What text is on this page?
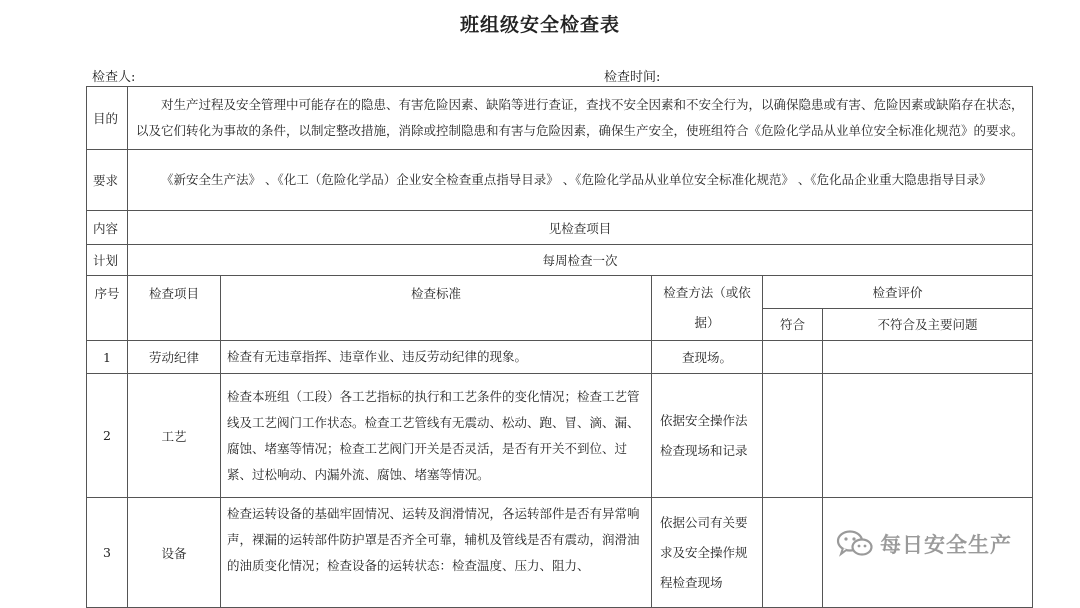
班组级安全检查表
检查人:	检查时间:
目的	对生产过程及安全管理中可能存在的隐患、有害危险因素、缺陷等进行查证，查找不安全因素和不安全行为，以确保隐患或有害、危险因素或缺陷存在状态，以及它们转化为事故的条件，以制定整改措施，消除或控制隐患和有害与危险因素，确保生产安全，使班组符合《危险化学品从业单位安全标准化规范》的要求。				
要求	《新安全生产法》 、《化工（危险化学品）企业安全检查重点指导目录》 、《危险化学品从业单位安全标准化规范》 、《危化品企业重大隐患指导目录》				
内容	见检查项目				
计划	每周检查一次				
序号	检查项目	检查标准	检查方法（或依据）	检查评价	
				符合	不符合及主要问题
1	劳动纪律	检查有无违章指挥、违章作业、违反劳动纪律的现象。	查现场。		
2	工艺	检查本班组（工段）各工艺指标的执行和工艺条件的变化情况；检查工艺管线及工艺阀门工作状态。检查工艺管线有无震动、松动、跑、冒、滴、漏、腐蚀、堵塞等情况；检查工艺阀门开关是否灵活，是否有开关不到位、过紧、过松响动、内漏外流、腐蚀、堵塞等情况。	依据安全操作法检查现场和记录		
3	设备	检查运转设备的基础牢固情况、运转及润滑情况，各运转部件是否有异常响声，裸漏的运转部件防护罩是否齐全可靠，辅机及管线是否有震动，润滑油的油质变化情况；检查设备的运转状态：检查温度、压力、阻力、	依据公司有关要求及安全操作规程检查现场		
每日安全生产
